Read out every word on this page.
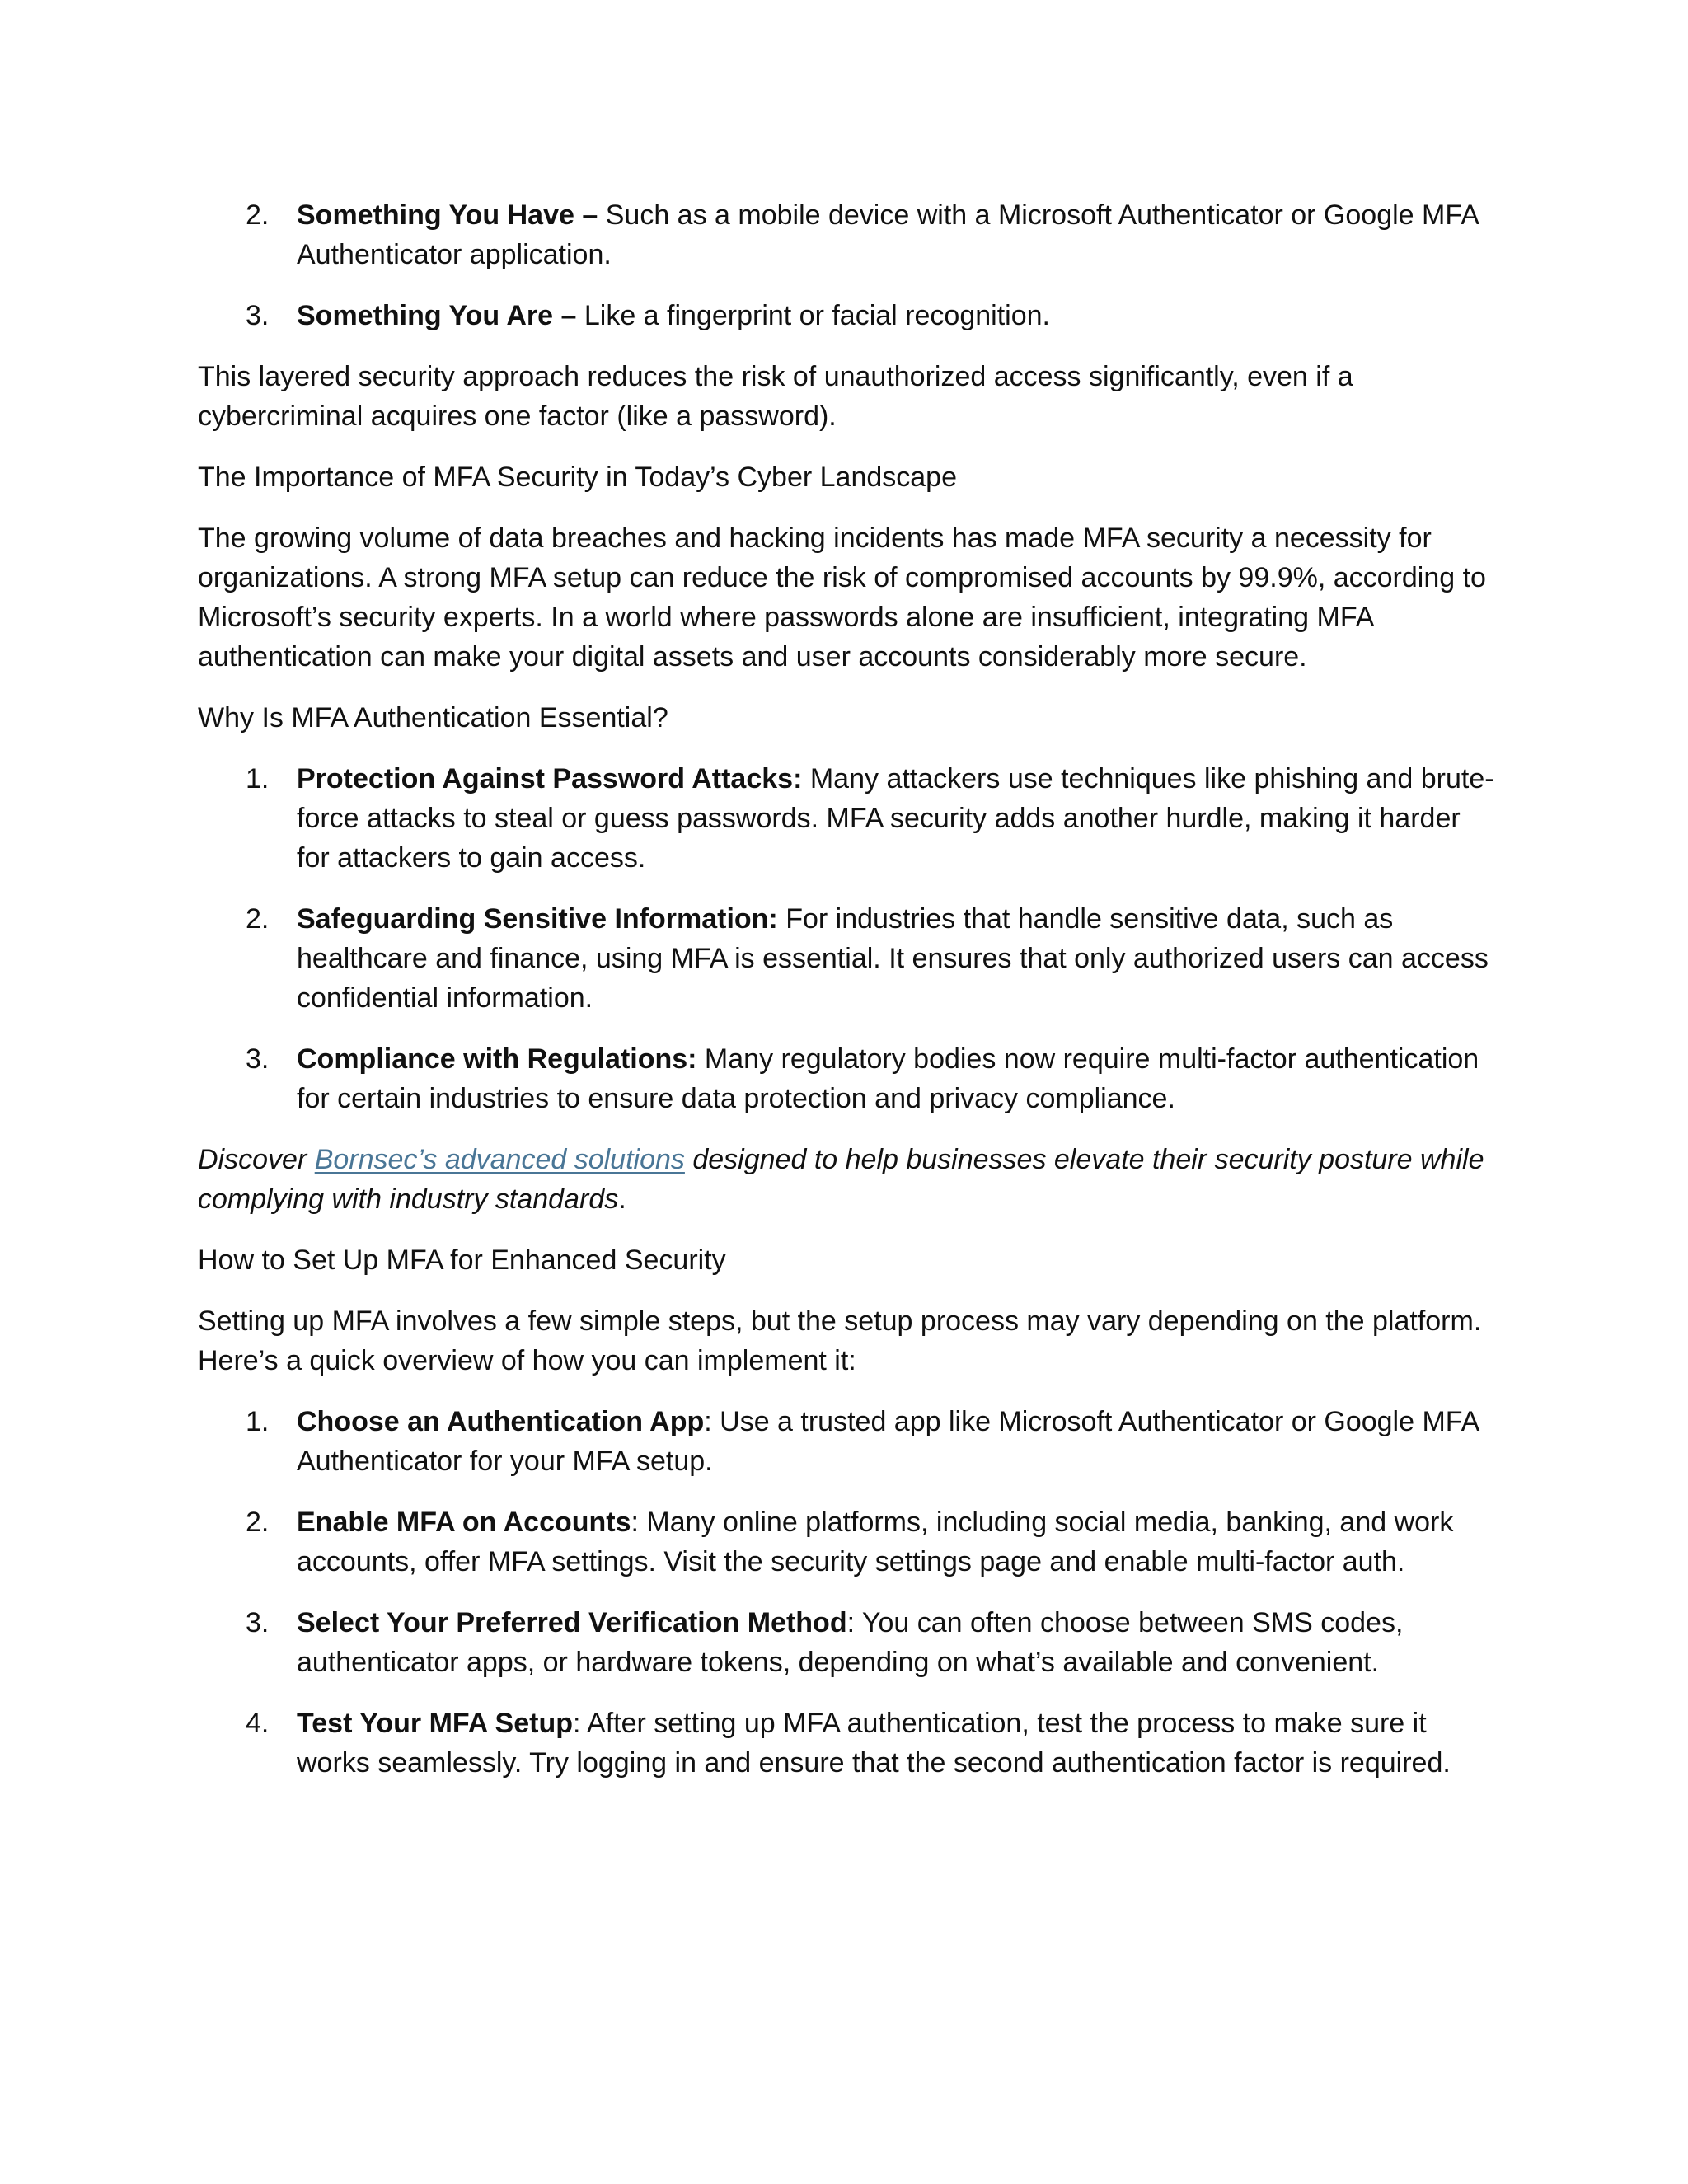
2. Something You Have – Such as a mobile device with a Microsoft Authenticator or Google MFA Authenticator application.
3. Something You Are – Like a fingerprint or facial recognition.

This layered security approach reduces the risk of unauthorized access significantly, even if a cybercriminal acquires one factor (like a password).

The Importance of MFA Security in Today’s Cyber Landscape

The growing volume of data breaches and hacking incidents has made MFA security a necessity for organizations. A strong MFA setup can reduce the risk of compromised accounts by 99.9%, according to Microsoft’s security experts. In a world where passwords alone are insufficient, integrating MFA authentication can make your digital assets and user accounts considerably more secure.

Why Is MFA Authentication Essential?

1. Protection Against Password Attacks: Many attackers use techniques like phishing and brute-force attacks to steal or guess passwords. MFA security adds another hurdle, making it harder for attackers to gain access.
2. Safeguarding Sensitive Information: For industries that handle sensitive data, such as healthcare and finance, using MFA is essential. It ensures that only authorized users can access confidential information.
3. Compliance with Regulations: Many regulatory bodies now require multi-factor authentication for certain industries to ensure data protection and privacy compliance.

Discover Bornsec’s advanced solutions designed to help businesses elevate their security posture while complying with industry standards.

How to Set Up MFA for Enhanced Security

Setting up MFA involves a few simple steps, but the setup process may vary depending on the platform. Here’s a quick overview of how you can implement it:

1. Choose an Authentication App: Use a trusted app like Microsoft Authenticator or Google MFA Authenticator for your MFA setup.
2. Enable MFA on Accounts: Many online platforms, including social media, banking, and work accounts, offer MFA settings. Visit the security settings page and enable multi-factor auth.
3. Select Your Preferred Verification Method: You can often choose between SMS codes, authenticator apps, or hardware tokens, depending on what’s available and convenient.
4. Test Your MFA Setup: After setting up MFA authentication, test the process to make sure it works seamlessly. Try logging in and ensure that the second authentication factor is required.
